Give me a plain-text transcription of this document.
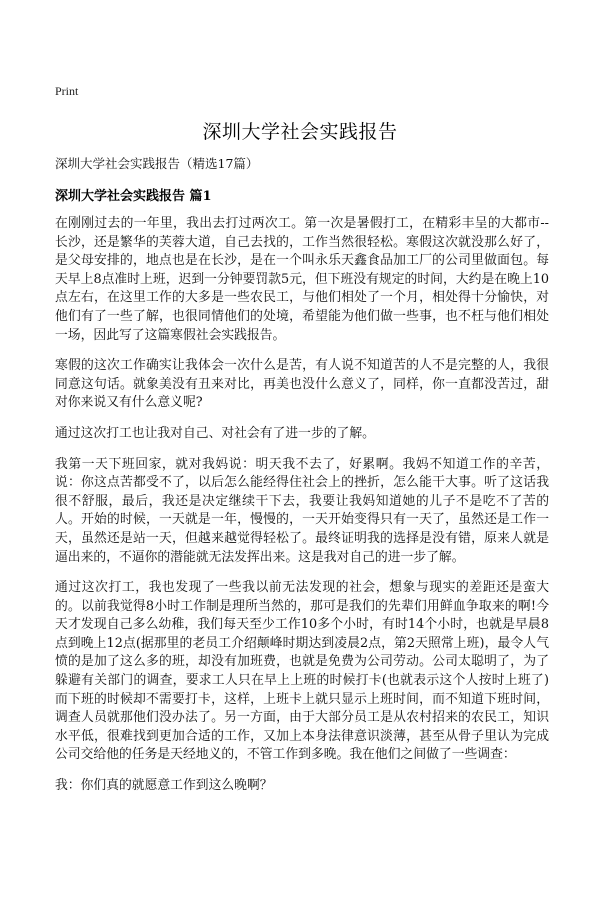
Print
深圳大学社会实践报告
深圳大学社会实践报告（精选17篇）
深圳大学社会实践报告 篇1

在刚刚过去的一年里，我出去打过两次工。第一次是暑假打工，在精彩丰呈的大都市--长沙，还是繁华的芙蓉大道，自己去找的，工作当然很轻松。寒假这次就没那么好了，是父母安排的，地点也是在长沙，是在一个叫永乐天鑫食品加工厂的公司里做面包。每天早上8点准时上班，迟到一分钟要罚款5元，但下班没有规定的时间，大约是在晚上10点左右，在这里工作的大多是一些农民工，与他们相处了一个月，相处得十分愉快，对他们有了一些了解，也很同情他们的处境，希望能为他们做一些事，也不枉与他们相处一场，因此写了这篇寒假社会实践报告。

寒假的这次工作确实让我体会一次什么是苦，有人说不知道苦的人不是完整的人，我很同意这句话。就象美没有丑来对比，再美也没什么意义了，同样，你一直都没苦过，甜对你来说又有什么意义呢?

通过这次打工也让我对自己、对社会有了进一步的了解。

我第一天下班回家，就对我妈说：明天我不去了，好累啊。我妈不知道工作的辛苦，说：你这点苦都受不了，以后怎么能经得住社会上的挫折，怎么能干大事。听了这话我很不舒服，最后，我还是决定继续干下去，我要让我妈知道她的儿子不是吃不了苦的人。开始的时候，一天就是一年，慢慢的，一天开始变得只有一天了，虽然还是工作一天，虽然还是站一天，但越来越觉得轻松了。最终证明我的选择是没有错，原来人就是逼出来的，不逼你的潜能就无法发挥出来。这是我对自己的进一步了解。

通过这次打工，我也发现了一些我以前无法发现的社会，想象与现实的差距还是蛮大的。以前我觉得8小时工作制是理所当然的，那可是我们的先辈们用鲜血争取来的啊!今天才发现自己多么幼稚，我们每天至少工作10多个小时，有时14个小时，也就是早晨8点到晚上12点(据那里的老员工介绍颠峰时期达到凌晨2点，第2天照常上班)，最令人气愤的是加了这么多的班，却没有加班费，也就是免费为公司劳动。公司太聪明了，为了躲避有关部门的调查，要求工人只在早上上班的时候打卡(也就表示这个人按时上班了)而下班的时候却不需要打卡，这样，上班卡上就只显示上班时间，而不知道下班时间，调查人员就那他们没办法了。另一方面，由于大部分员工是从农村招来的农民工，知识水平低，很难找到更加合适的工作，又加上本身法律意识淡薄，甚至从骨子里认为完成公司交给他的任务是天经地义的，不管工作到多晚。我在他们之间做了一些调查：

我：你们真的就愿意工作到这么晚啊？
